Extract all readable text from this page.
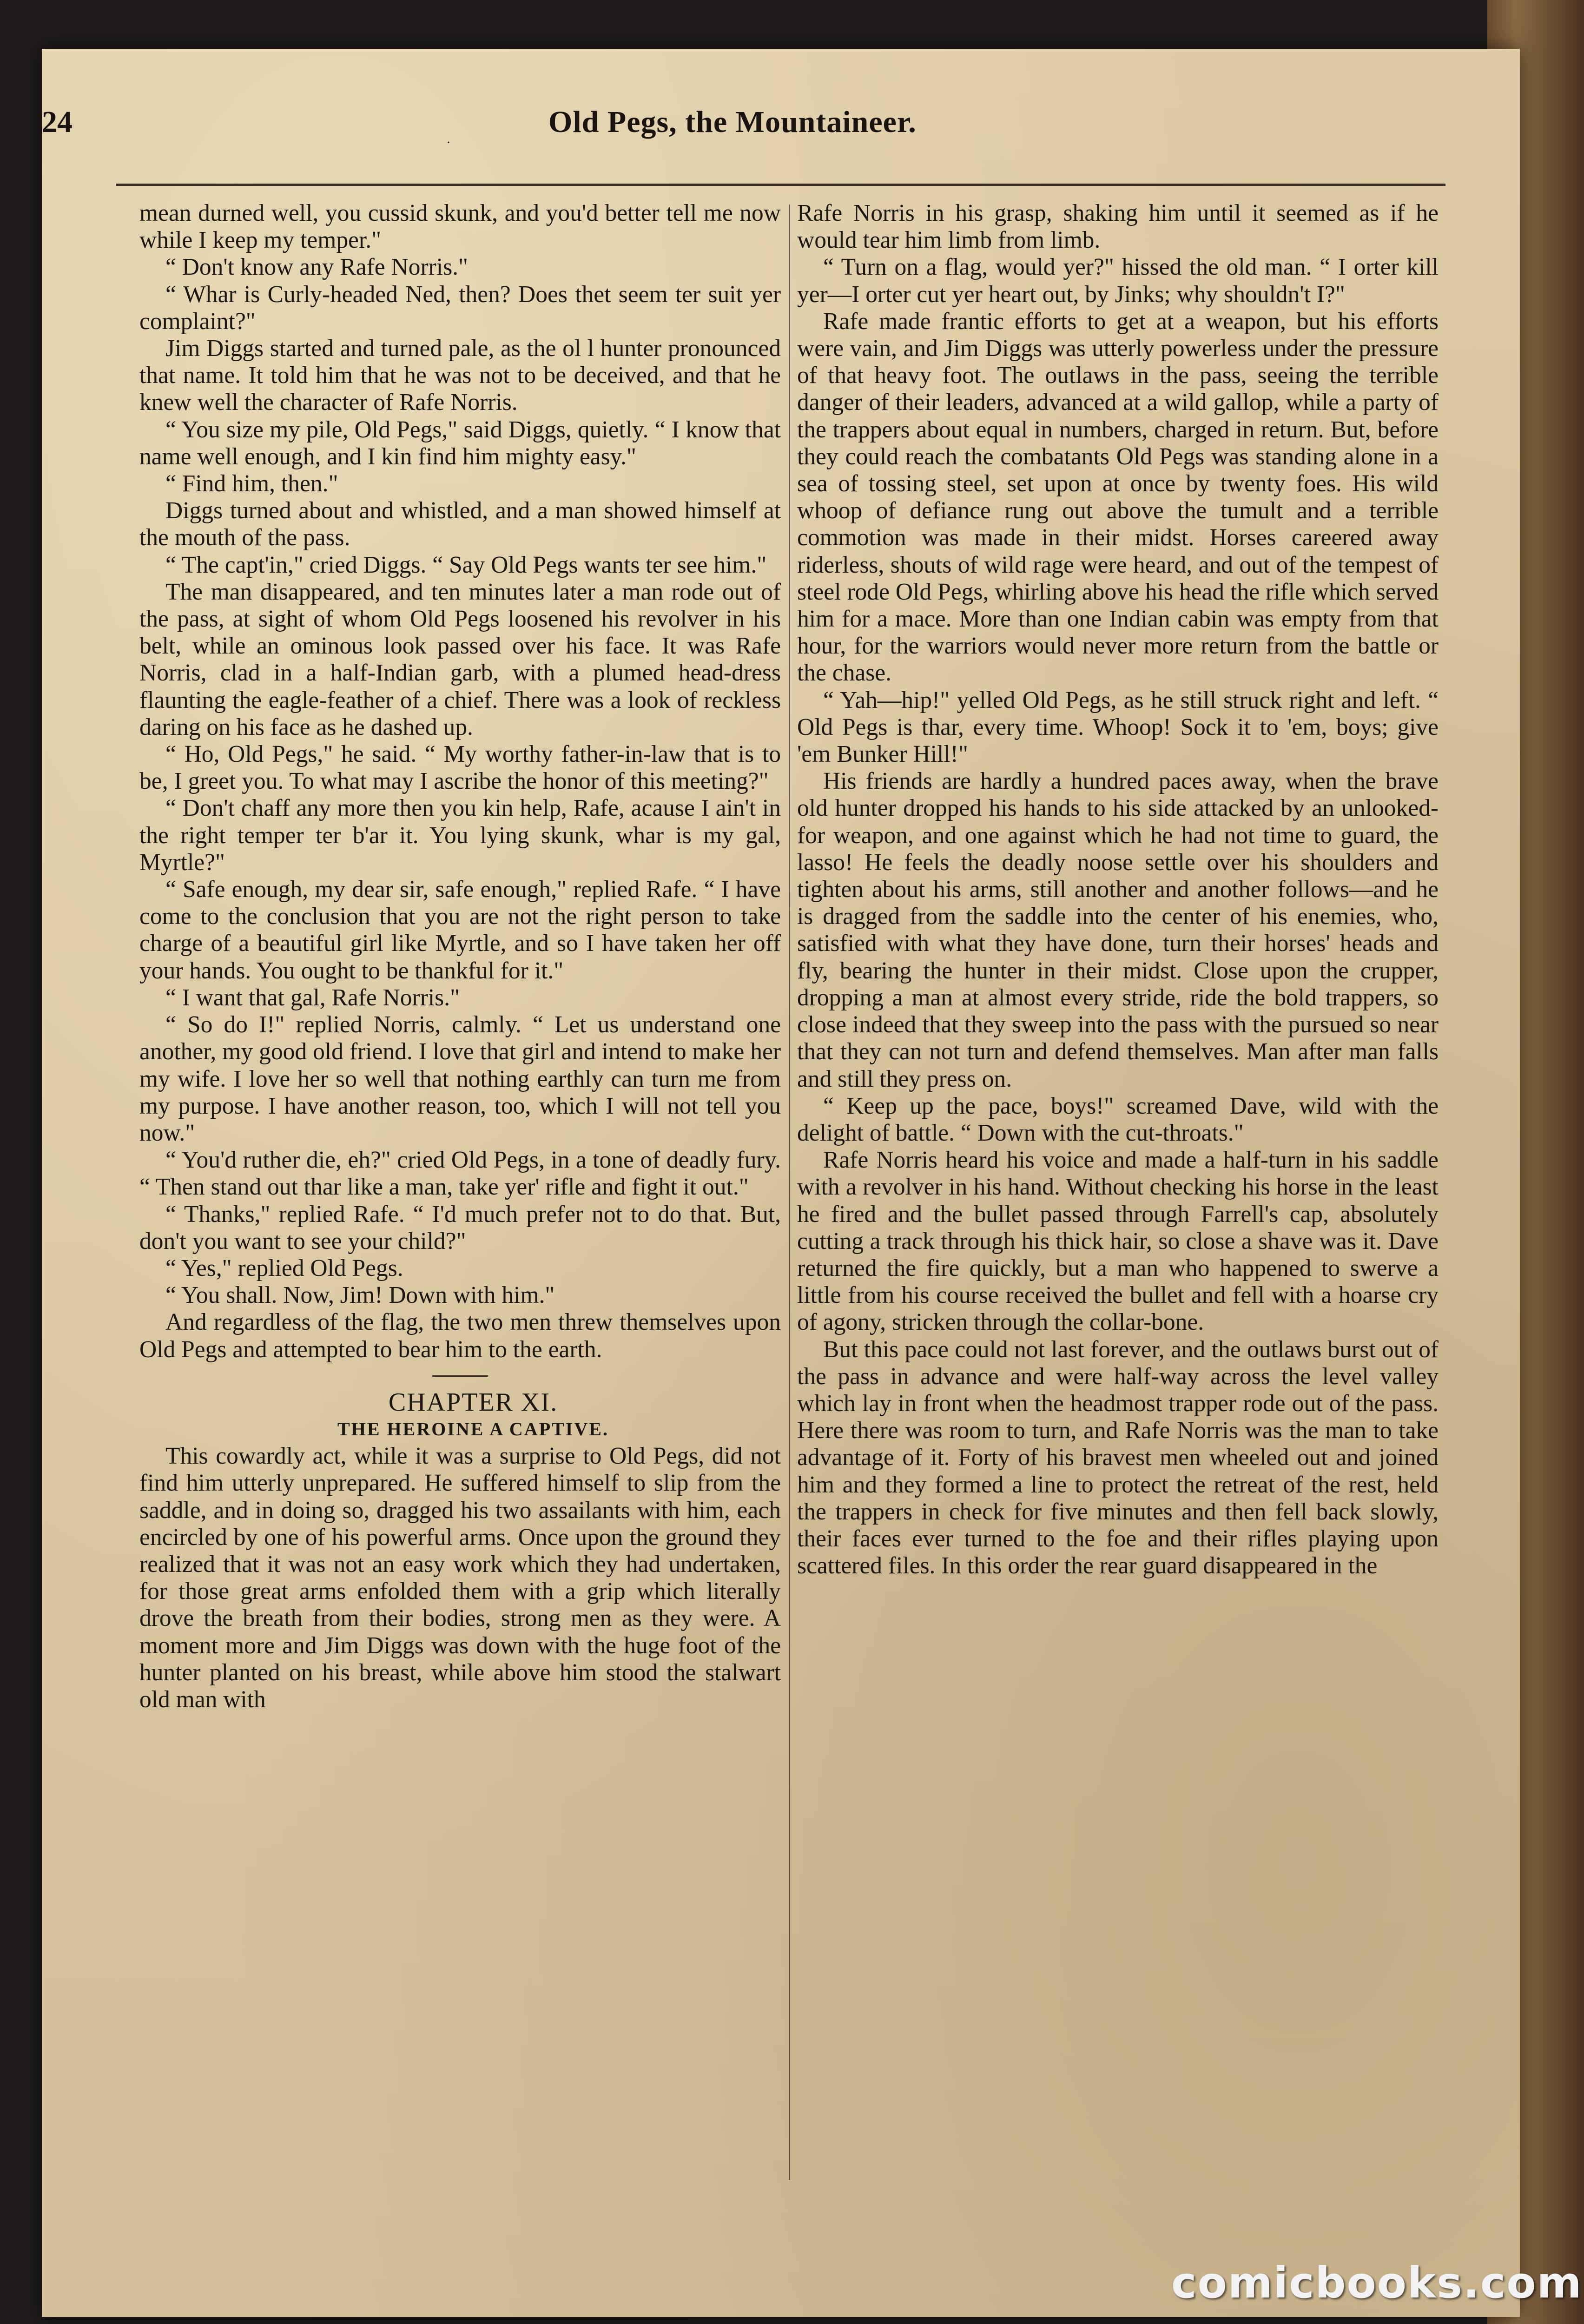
24
·
Old Pegs, the Mountaineer.

mean durned well, you cussid skunk, and you'd better tell me now while I keep my temper."

“ Don't know any Rafe Norris."

“ Whar is Curly-headed Ned, then? Does thet seem ter suit yer complaint?"

Jim Diggs started and turned pale, as the ol l hunter pronounced that name. It told him that he was not to be deceived, and that he knew well the character of Rafe Norris.

“ You size my pile, Old Pegs," said Diggs, quietly. “ I know that name well enough, and I kin find him mighty easy."

“ Find him, then."

Diggs turned about and whistled, and a man showed himself at the mouth of the pass.

“ The capt'in," cried Diggs. “ Say Old Pegs wants ter see him."

The man disappeared, and ten minutes later a man rode out of the pass, at sight of whom Old Pegs loosened his revolver in his belt, while an ominous look passed over his face. It was Rafe Norris, clad in a half-Indian garb, with a plumed head-dress flaunting the eagle-feather of a chief. There was a look of reckless daring on his face as he dashed up.

“ Ho, Old Pegs," he said. “ My worthy father-in-law that is to be, I greet you. To what may I ascribe the honor of this meeting?"

“ Don't chaff any more then you kin help, Rafe, acause I ain't in the right temper ter b'ar it. You lying skunk, whar is my gal, Myrtle?"

“ Safe enough, my dear sir, safe enough," replied Rafe. “ I have come to the conclusion that you are not the right person to take charge of a beautiful girl like Myrtle, and so I have taken her off your hands. You ought to be thankful for it."

“ I want that gal, Rafe Norris."

“ So do I!" replied Norris, calmly. “ Let us understand one another, my good old friend. I love that girl and intend to make her my wife. I love her so well that nothing earthly can turn me from my purpose. I have another reason, too, which I will not tell you now."

“ You'd ruther die, eh?" cried Old Pegs, in a tone of deadly fury. “ Then stand out thar like a man, take yer' rifle and fight it out."

“ Thanks," replied Rafe. “ I'd much prefer not to do that. But, don't you want to see your child?"

“ Yes," replied Old Pegs.

“ You shall. Now, Jim! Down with him."

And regardless of the flag, the two men threw themselves upon Old Pegs and attempted to bear him to the earth.

CHAPTER XI.

THE HEROINE A CAPTIVE.

This cowardly act, while it was a surprise to Old Pegs, did not find him utterly unprepared. He suffered himself to slip from the saddle, and in doing so, dragged his two assailants with him, each encircled by one of his powerful arms. Once upon the ground they realized that it was not an easy work which they had undertaken, for those great arms enfolded them with a grip which literally drove the breath from their bodies, strong men as they were. A moment more and Jim Diggs was down with the huge foot of the hunter planted on his breast, while above him stood the stalwart old man with

Rafe Norris in his grasp, shaking him until it seemed as if he would tear him limb from limb.

“ Turn on a flag, would yer?" hissed the old man. “ I orter kill yer—I orter cut yer heart out, by Jinks; why shouldn't I?"

Rafe made frantic efforts to get at a weapon, but his efforts were vain, and Jim Diggs was utterly powerless under the pressure of that heavy foot. The outlaws in the pass, seeing the terrible danger of their leaders, advanced at a wild gallop, while a party of the trappers about equal in numbers, charged in return. But, before they could reach the combatants Old Pegs was standing alone in a sea of tossing steel, set upon at once by twenty foes. His wild whoop of defiance rung out above the tumult and a terrible commotion was made in their midst. Horses careered away riderless, shouts of wild rage were heard, and out of the tempest of steel rode Old Pegs, whirling above his head the rifle which served him for a mace. More than one Indian cabin was empty from that hour, for the warriors would never more return from the battle or the chase.

“ Yah—hip!" yelled Old Pegs, as he still struck right and left. “ Old Pegs is thar, every time. Whoop! Sock it to 'em, boys; give 'em Bunker Hill!"

His friends are hardly a hundred paces away, when the brave old hunter dropped his hands to his side attacked by an unlooked-for weapon, and one against which he had not time to guard, the lasso! He feels the deadly noose settle over his shoulders and tighten about his arms, still another and another follows—and he is dragged from the saddle into the center of his enemies, who, satisfied with what they have done, turn their horses' heads and fly, bearing the hunter in their midst. Close upon the crupper, dropping a man at almost every stride, ride the bold trappers, so close indeed that they sweep into the pass with the pursued so near that they can not turn and defend themselves. Man after man falls and still they press on.

“ Keep up the pace, boys!" screamed Dave, wild with the delight of battle. “ Down with the cut-throats."

Rafe Norris heard his voice and made a half-turn in his saddle with a revolver in his hand. Without checking his horse in the least he fired and the bullet passed through Farrell's cap, absolutely cutting a track through his thick hair, so close a shave was it. Dave returned the fire quickly, but a man who happened to swerve a little from his course received the bullet and fell with a hoarse cry of agony, stricken through the collar-bone.

But this pace could not last forever, and the outlaws burst out of the pass in advance and were half-way across the level valley which lay in front when the headmost trapper rode out of the pass. Here there was room to turn, and Rafe Norris was the man to take advantage of it. Forty of his bravest men wheeled out and joined him and they formed a line to protect the retreat of the rest, held the trappers in check for five minutes and then fell back slowly, their faces ever turned to the foe and their rifles playing upon scattered files. In this order the rear guard disappeared in the

comicbooks.com
